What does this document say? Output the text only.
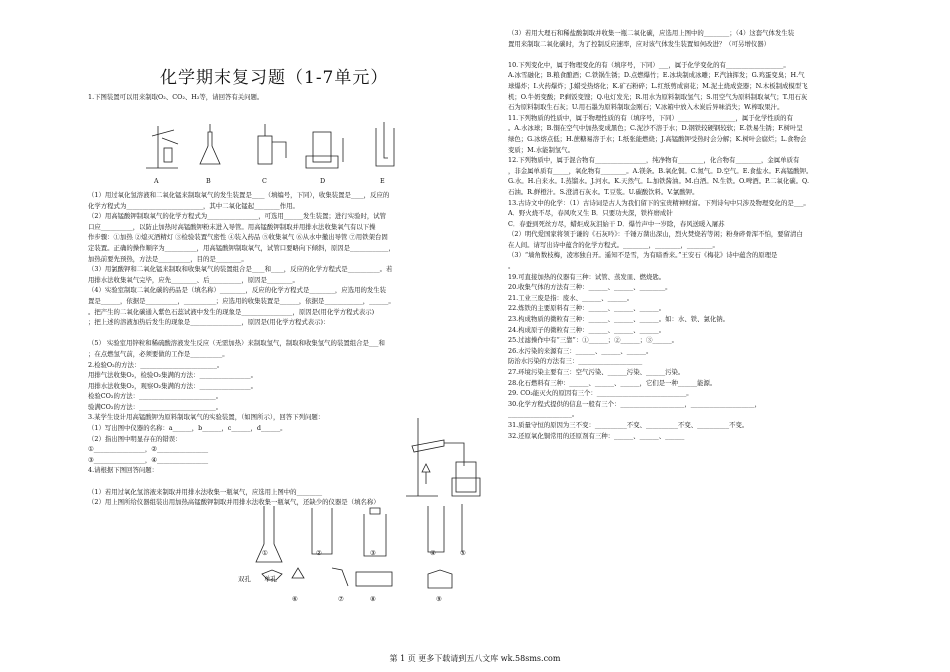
化学期末复习题（1-7单元）
1.下图装置可以用来制取O₂、CO₂、H₂等，请回答有关问题。
A	B	C	D	E
（1）用过氧化氢溶液和二氧化锰来制取氧气的发生装置是____（填编号，下同），收集装置是____，反应的
化学方程式为________________________，其中二氧化锰起________作用。
（2）用高锰酸钾制取氧气的化学方程式为________________，可选用______发生装置；进行实验时，试管
口应__________，以防止加热时高锰酸钾粉末进入导管。用高锰酸钾制取并用排水法收集氧气有以下操
作步骤：①加热 ②熄灭酒精灯 ③检验装置气密性 ④装入药品 ⑤收集氧气 ⑥从水中撤出导管 ⑦用铁架台固
定装置。正确的操作顺序为__________，用高锰酸钾制取氧气，试管口要略向下倾斜，原因是____________，
加热前要先预热，方法是__________，目的是________。
（3）用氯酸钾和二氧化锰来制取和收集氧气的装置组合是____和____，反应的化学方程式是__________。若
用排水法收集氧气完毕，应先________、后__________，原因是________。
（4）实验室制取二氧化碳的药品是（填名称）________，反应的化学方程式是________，应选用的发生装
置是______，依据是__________，__________；应选用的收集装置是______，依据是____________，______。
。把产生的二氧化碳通入紫色石蕊试液中发生的现象是________________，原因是(用化学方程式表示)
；把上述的溶液加热后发生的现象是________________，原因是(用化学方程式表示)：
（5） 实验室用锌粒和稀硫酸溶液发生反应（无需加热）来制取氢气，制取和收集氢气的装置组合是___和
；在点燃氢气前，必须要做的工作是__________。
2.检验O₂的方法：________________________。
用排气法收集O₂，检验O₂集满的方法：________________。
用排水法收集O₂，观察O₂集满的方法：________________。
检验CO₂的方法：________________________。
验满CO₂的方法：________________________。
3.某学生设计用高锰酸钾为原料制取氧气的实验装置，（如图所示），回答下列问题：
（1）写出图中仪器的名称：a______，b______，c______，d______。
（2）指出图中明显存在的错误：
①________________，②________________
③________________，④________________
4.请根据下图回答问题：
（1）若用过氧化氢溶液来制取并用排水法收集一瓶氧气，应选用上图中的________
（2）用上图所给仪器组装出用加热高锰酸钾制取并用排水法收集一瓶氧气，还缺少的仪器是（填名称）
①	②	③	④	⑤
双孔 单孔
⑥	⑦	⑧	⑨
（3）若用大理石和稀盐酸制取并收集一瓶二氧化碳，应选用上图中的________；（4）这套气体发生装
置用来制取二氧化碳时，为了控制反应速率，应对该气体发生装置如何改进？（可另增仪器）
10.下列变化中，属于物理变化的有（填序号，下同）___，属于化学变化的有__________________。
A.冰雪融化；B.粮食酿酒；C.铁锅生锈；D.点燃爆竹；E.冰块制成冰雕；F.汽油挥发；G.鸡蛋变臭；H.气
球爆炸；I.火药爆炸；J.蜡受热熔化；K.矿石粉碎；L.红纸剪成窗花；M.泥土烧成瓷器；N.木板制成模型飞
机；O.牛奶变酸；P.剩饭变馊；Q.电灯发光；R.用水为原料制取氢气；S.用空气为原料制取氧气；T.用石灰
石为原料制取生石灰；U.用石墨为原料制取金刚石；V.冰箱中放入木炭后异味消失；W.榨取果汁。
11.下列物质的性质中，属于物理性质的有（填序号，下同）__________________，属于化学性质的有
。A.水冰球；B.铜在空气中加热变成黑色；C.泥沙不溶于水；D.钢铁较硬钢较软；E.铁易生锈；F.树叶呈
绿色；G.冰熔点低；H.蔗糖易溶于水；I.纸张能燃烧；J.高锰酸钾受热时会分解；K.树叶会腐烂；L.食物会
变质；M.水能制氢气。
12.下列物质中，属于混合物有________________，纯净物有________，化合物有________，金属单质有
，非金属单质有_____，氧化物有________。A.镁条。B.氧化铜。C.氮气。D.空气。E.食盐水。F.高锰酸钾。
G.水。H.自来水。I.蒸馏水。J.河水。K.天然气。L.加铁酱油。M.白酒。N.生铁。O.啤酒。P.二氧化碳。Q.
石油。R.鲜橙汁。S.澄清石灰水。T.豆浆。U.碳酸饮料。V.氯酸钾。
13.古诗文中的化学：（1）古诗词是古人为我们留下的宝贵精神财富。下列诗句中只涉及物理变化的是___。
A．野火烧不尽，春风吹又生 B．只要功夫深，铁杵磨成针
C．春蚕到死丝方尽，蜡炬成灰泪始干 D．爆竹声中一岁除，春风送暖入屠苏
（2）明代爱国家将领于谦的《石灰吟》：千锤万凿出深山，烈火焚烧若等闲；粉身碎骨浑不怕，要留清白
在人间。请写出诗中蕴含的化学方程式。________，________，________。
（3）“墙角数枝梅，凌寒独自开。遥知不是雪，为有暗香来。”王安石《梅花》诗中蕴含的原理是
。
19.可直接加热的仪器有三种：试管、蒸发皿、燃烧匙。
20.收集气体的方法有三种：______、______、________。
21.工业三废是指：废水、______、______。
22.炼铁的主要原料有三种：______、______、______。
23.构成物质的微粒有三种：______、______、______。如：水、铁、氯化钠。
24.构成原子的微粒有三种：______、______、______。
25.过滤操作中有“三靠”：①______；②______；③______。
26.水污染的来源有三：______、______、______。
防治水污染的方法有三：____________________
27.环境污染主要有三：空气污染、______污染、______污染。
28.化石燃料有三种：______、______、______，它们是一种______能源。
29. CO₂能灭火的原因有三个：____________________________。
30.化学方程式提供的信息一般有三个：____________________，____________________，
____________________。
31.质量守恒的原因为三不变：__________不变、__________不变、__________不变。
32.还原氧化铜常用的还原剂有三种：______、______、______
第 1 页 更多下载请到五八文库 wk.58sms.com
